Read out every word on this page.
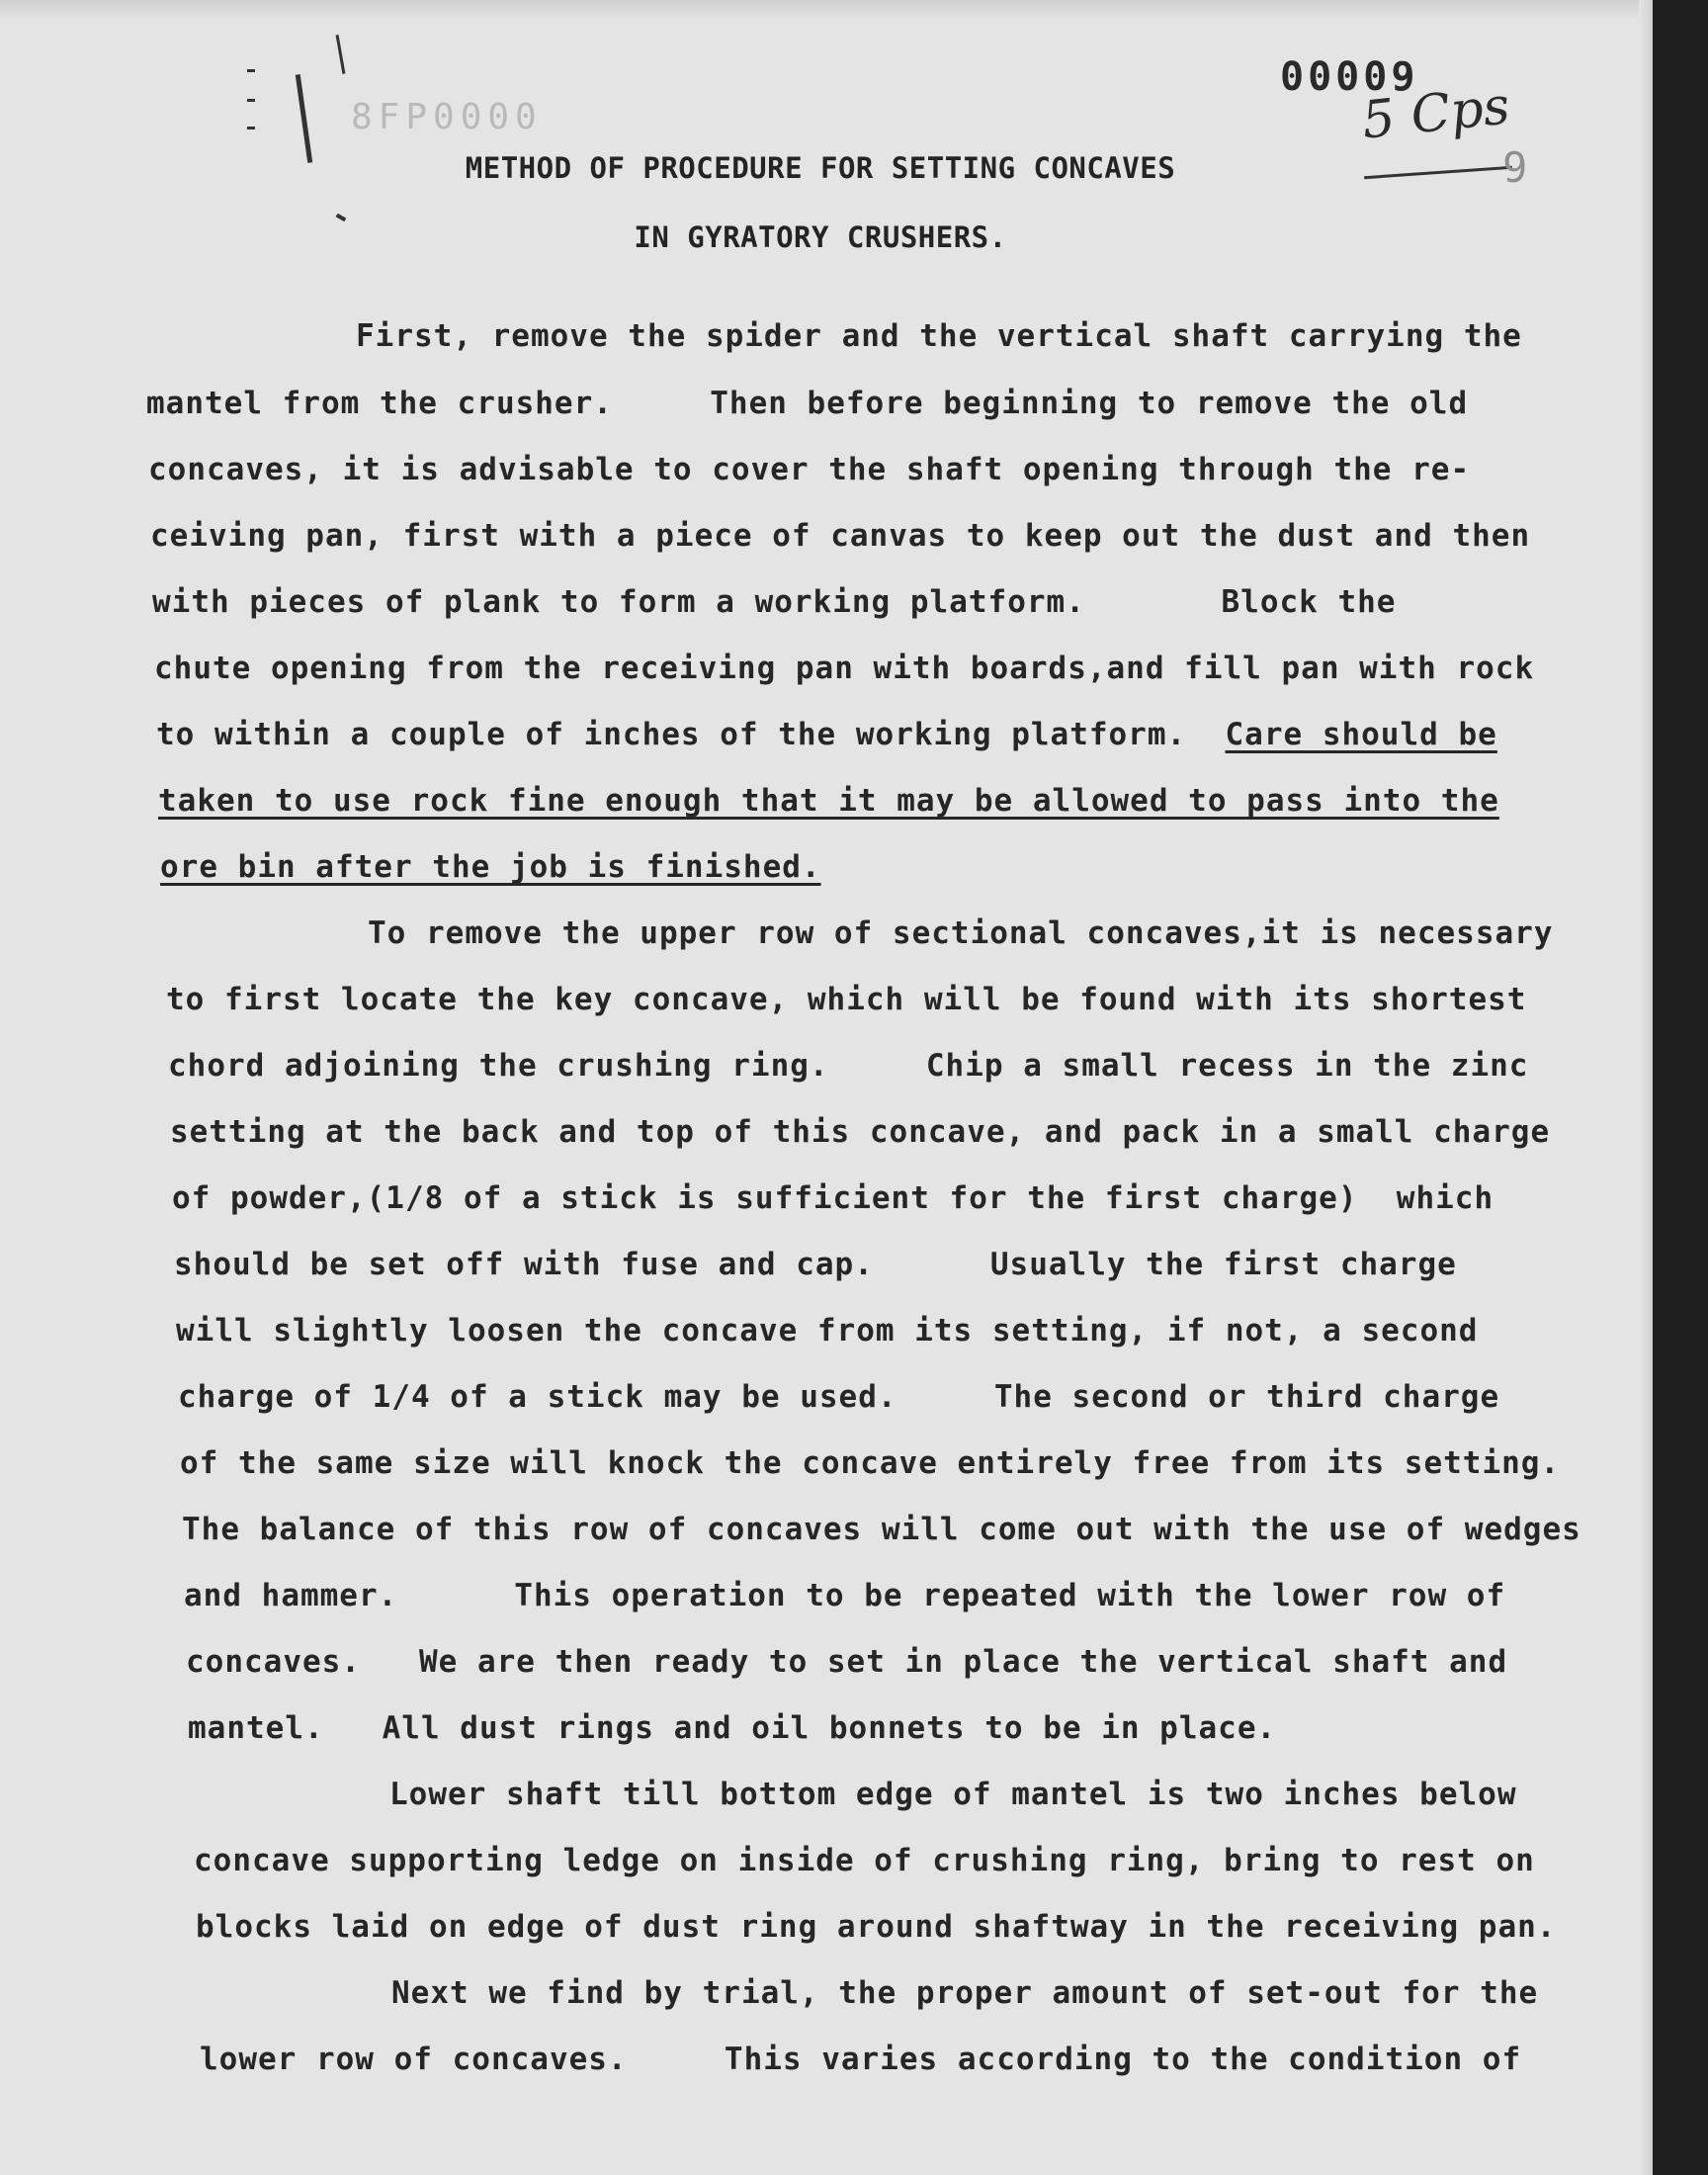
8FP0000
00009
5 Cps
9
METHOD OF PROCEDURE FOR SETTING CONCAVES
IN GYRATORY CRUSHERS.
First, remove the spider and the vertical shaft carrying the
mantel from the crusher.     Then before beginning to remove the old
concaves, it is advisable to cover the shaft opening through the re-
ceiving pan, first with a piece of canvas to keep out the dust and then
with pieces of plank to form a working platform.       Block the
chute opening from the receiving pan with boards,and fill pan with rock
to within a couple of inches of the working platform. Care should be
taken to use rock fine enough that it may be allowed to pass into the
ore bin after the job is finished.
To remove the upper row of sectional concaves,it is necessary
to first locate the key concave, which will be found with its shortest
chord adjoining the crushing ring.     Chip a small recess in the zinc
setting at the back and top of this concave, and pack in a small charge
of powder,(1/8 of a stick is sufficient for the first charge)  which
should be set off with fuse and cap.      Usually the first charge
will slightly loosen the concave from its setting, if not, a second
charge of 1/4 of a stick may be used.     The second or third charge
of the same size will knock the concave entirely free from its setting.
The balance of this row of concaves will come out with the use of wedges
and hammer.      This operation to be repeated with the lower row of
concaves.   We are then ready to set in place the vertical shaft and
mantel.   All dust rings and oil bonnets to be in place.
Lower shaft till bottom edge of mantel is two inches below
concave supporting ledge on inside of crushing ring, bring to rest on
blocks laid on edge of dust ring around shaftway in the receiving pan.
Next we find by trial, the proper amount of set-out for the
lower row of concaves.     This varies according to the condition of
